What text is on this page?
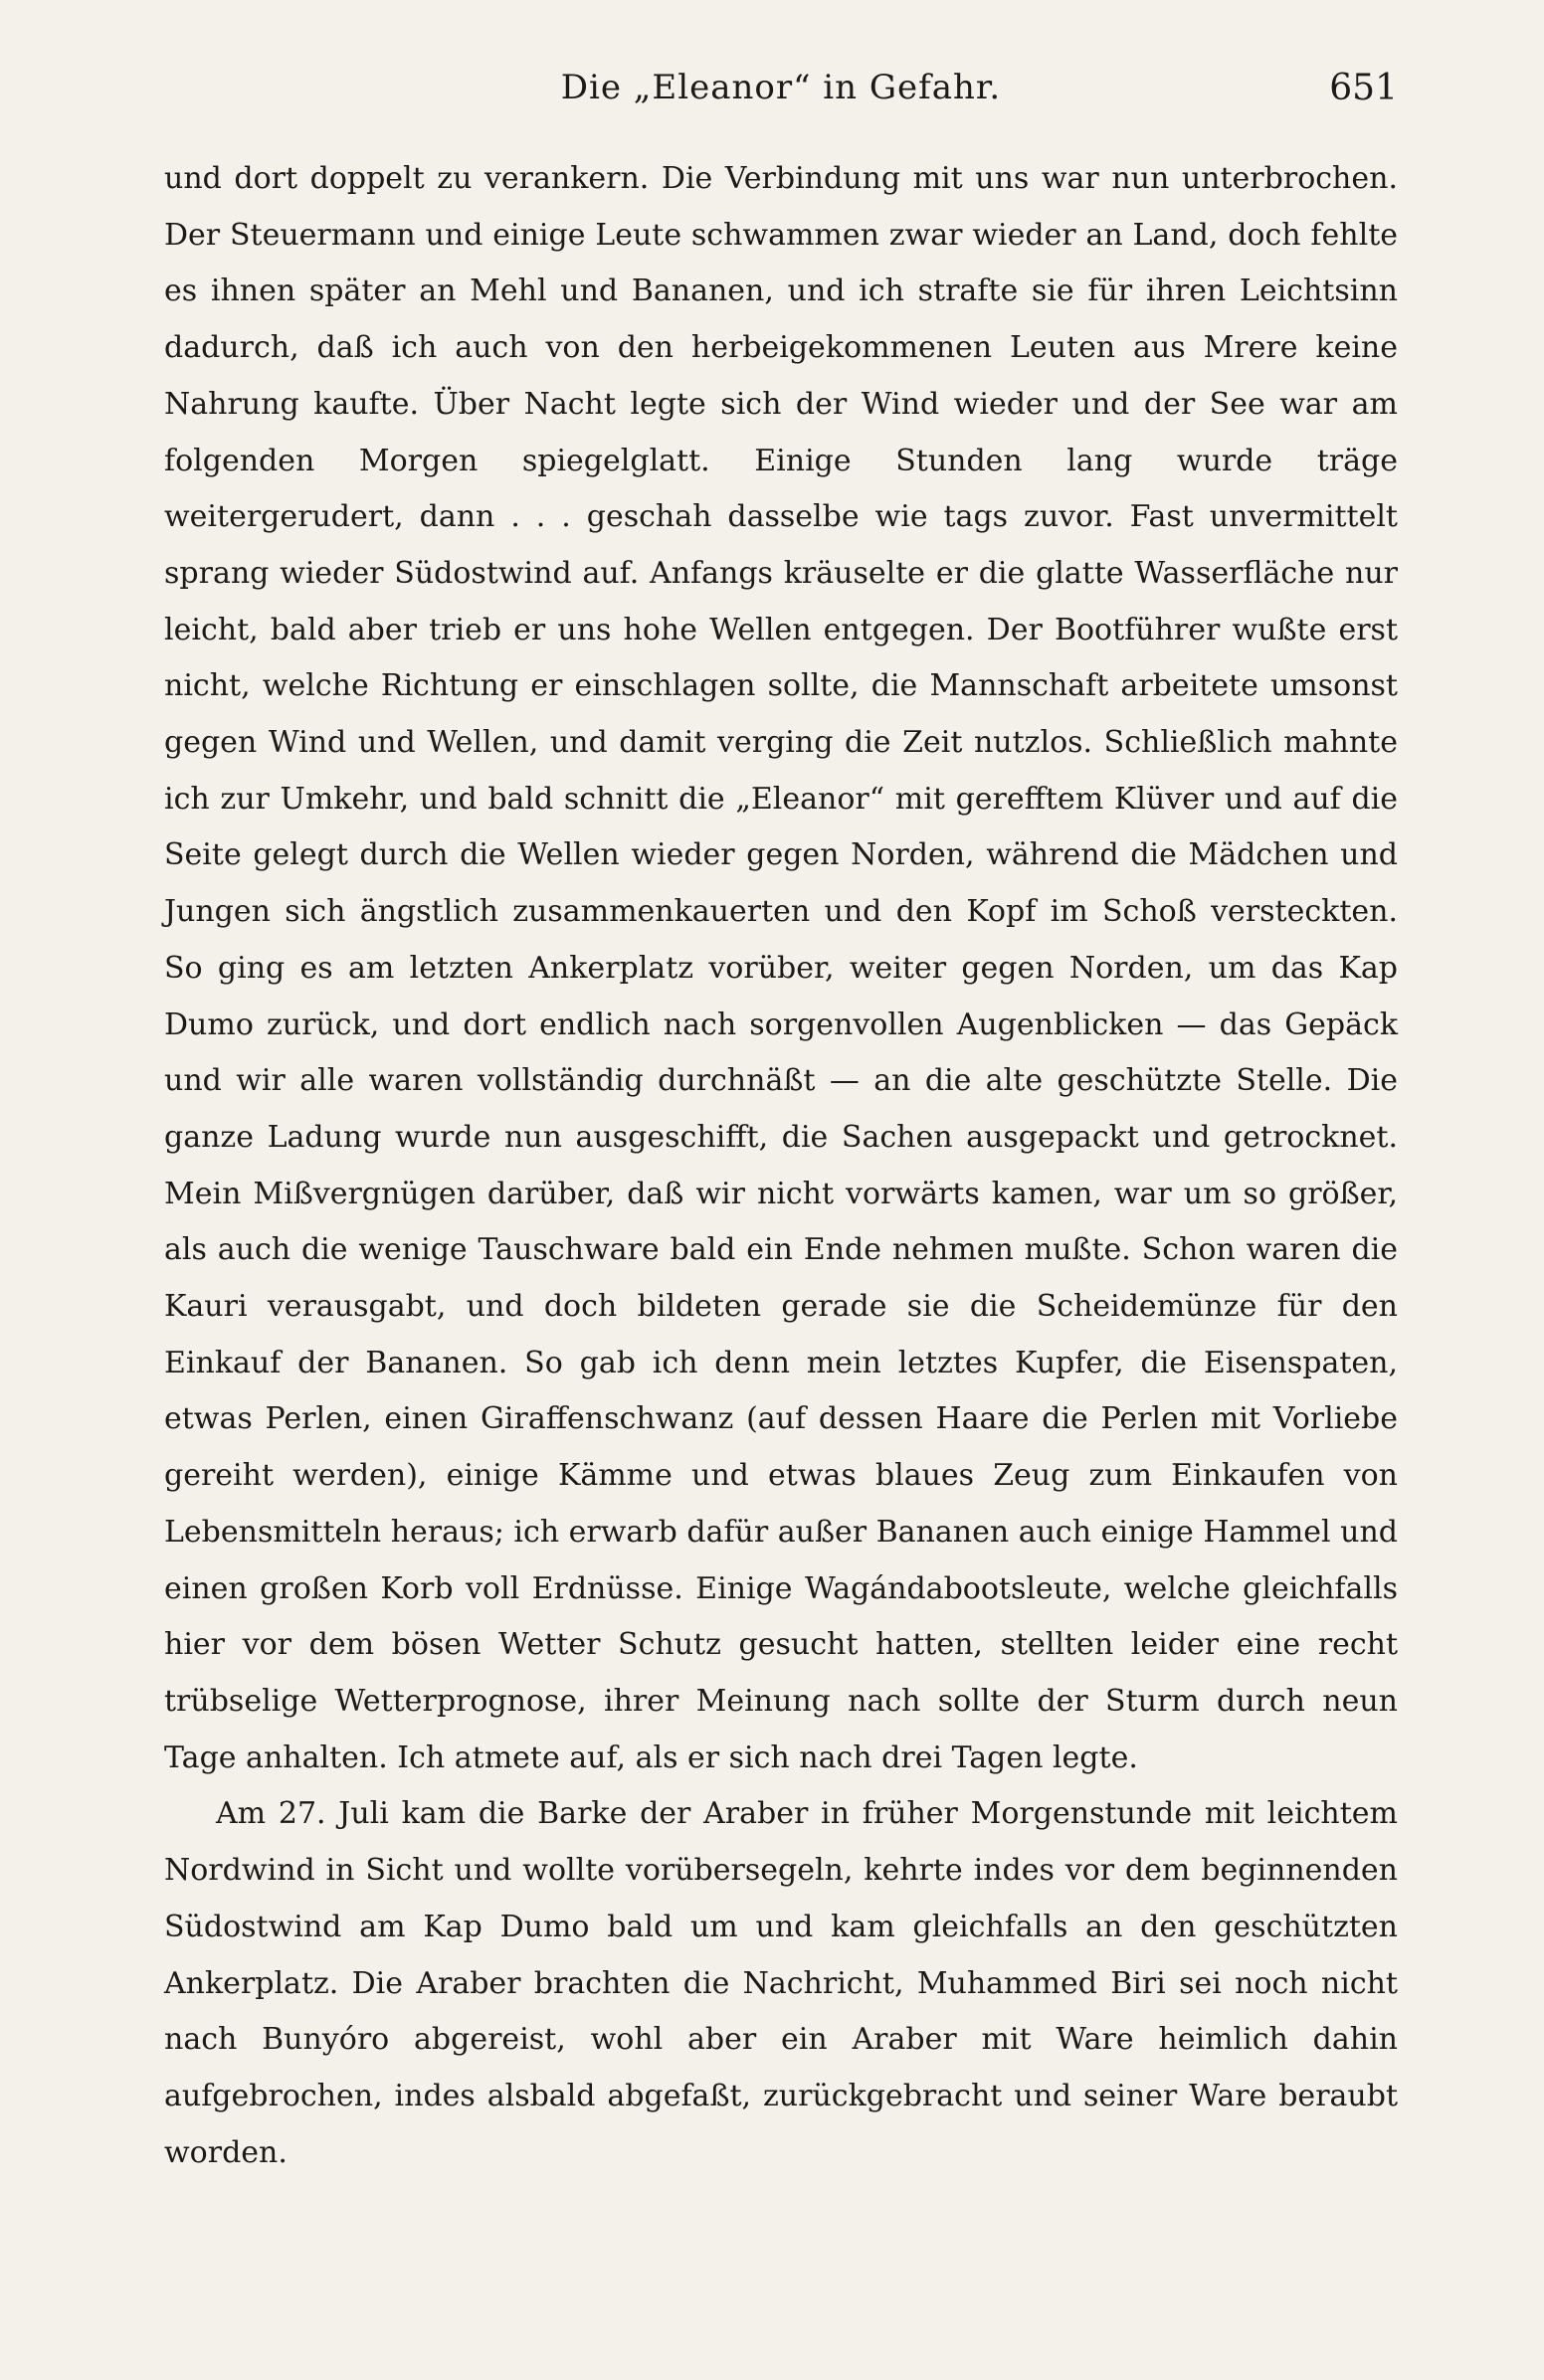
Die „Eleanor“ in Gefahr.	651

und dort doppelt zu verankern. Die Verbindung mit uns war nun unterbrochen. Der Steuermann und einige Leute schwammen zwar wieder an Land, doch fehlte es ihnen später an Mehl und Bananen, und ich strafte sie für ihren Leichtsinn dadurch, daß ich auch von den herbeigekommenen Leuten aus Mrere keine Nahrung kaufte. Über Nacht legte sich der Wind wieder und der See war am folgenden Morgen spiegelglatt. Einige Stunden lang wurde träge weitergerudert, dann . . . geschah dasselbe wie tags zuvor. Fast unvermittelt sprang wieder Südostwind auf. Anfangs kräuselte er die glatte Wasserfläche nur leicht, bald aber trieb er uns hohe Wellen entgegen. Der Bootführer wußte erst nicht, welche Richtung er einschlagen sollte, die Mannschaft arbeitete umsonst gegen Wind und Wellen, und damit verging die Zeit nutzlos. Schließlich mahnte ich zur Umkehr, und bald schnitt die „Eleanor“ mit gerefftem Klüver und auf die Seite gelegt durch die Wellen wieder gegen Norden, während die Mädchen und Jungen sich ängstlich zusammenkauerten und den Kopf im Schoß versteckten. So ging es am letzten Ankerplatz vorüber, weiter gegen Norden, um das Kap Dumo zurück, und dort endlich nach sorgenvollen Augenblicken — das Gepäck und wir alle waren vollständig durchnäßt — an die alte geschützte Stelle. Die ganze Ladung wurde nun ausgeschifft, die Sachen ausgepackt und getrocknet. Mein Mißvergnügen darüber, daß wir nicht vorwärts kamen, war um so größer, als auch die wenige Tauschware bald ein Ende nehmen mußte. Schon waren die Kauri verausgabt, und doch bildeten gerade sie die Scheidemünze für den Einkauf der Bananen. So gab ich denn mein letztes Kupfer, die Eisenspaten, etwas Perlen, einen Giraffenschwanz (auf dessen Haare die Perlen mit Vorliebe gereiht werden), einige Kämme und etwas blaues Zeug zum Einkaufen von Lebensmitteln heraus; ich erwarb dafür außer Bananen auch einige Hammel und einen großen Korb voll Erdnüsse. Einige Wagándabootsleute, welche gleichfalls hier vor dem bösen Wetter Schutz gesucht hatten, stellten leider eine recht trübselige Wetterprognose, ihrer Meinung nach sollte der Sturm durch neun Tage anhalten. Ich atmete auf, als er sich nach drei Tagen legte.

Am 27. Juli kam die Barke der Araber in früher Morgenstunde mit leichtem Nordwind in Sicht und wollte vorübersegeln, kehrte indes vor dem beginnenden Südostwind am Kap Dumo bald um und kam gleichfalls an den geschützten Ankerplatz. Die Araber brachten die Nachricht, Muhammed Biri sei noch nicht nach Bunyóro abgereist, wohl aber ein Araber mit Ware heimlich dahin aufgebrochen, indes alsbald abgefaßt, zurückgebracht und seiner Ware beraubt worden.
